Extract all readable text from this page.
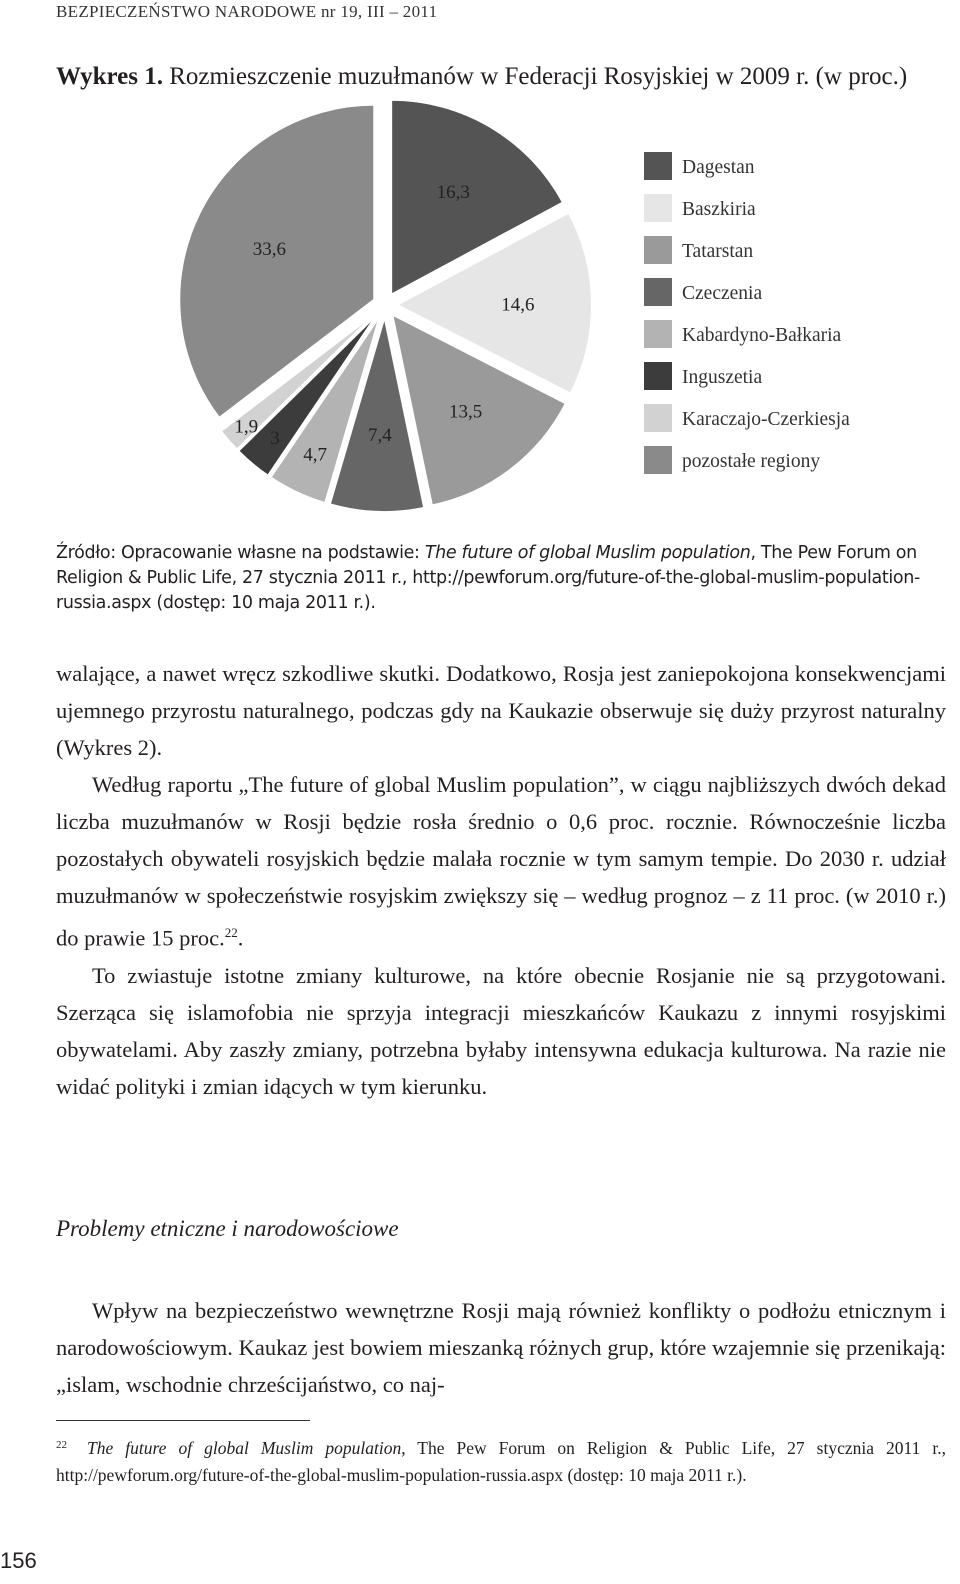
BEZPIECZEŃSTWO NARODOWE nr 19, III – 2011
Wykres 1. Rozmieszczenie muzułmanów w Federacji Rosyjskiej w 2009 r. (w proc.)
16,3
14,6
13,5
7,4
4,7
3
1,9
33,6
Dagestan
Baszkiria
Tatarstan
Czeczenia
Kabardyno-Bałkaria
Inguszetia
Karaczajo-Czerkiesja
pozostałe regiony
Źródło: Opracowanie własne na podstawie: The future of global Muslim population, The Pew Forum on Religion & Public Life, 27 stycznia 2011 r., http://pewforum.org/future-of-the-global-muslim-population-russia.aspx (dostęp: 10 maja 2011 r.).

walające, a nawet wręcz szkodliwe skutki. Dodatkowo, Rosja jest zaniepokojona konsekwencjami ujemnego przyrostu naturalnego, podczas gdy na Kaukazie obserwuje się duży przyrost naturalny (Wykres 2).

Według raportu „The future of global Muslim population”, w ciągu najbliższych dwóch dekad liczba muzułmanów w Rosji będzie rosła średnio o 0,6 proc. rocznie. Równocześnie liczba pozostałych obywateli rosyjskich będzie malała rocznie w tym samym tempie. Do 2030 r. udział muzułmanów w społeczeństwie rosyjskim zwiększy się – według prognoz – z 11 proc. (w 2010 r.) do prawie 15 proc.$^{22}$.

To zwiastuje istotne zmiany kulturowe, na które obecnie Rosjanie nie są przygotowani. Szerząca się islamofobia nie sprzyja integracji mieszkańców Kaukazu z innymi rosyjskimi obywatelami. Aby zaszły zmiany, potrzebna byłaby intensywna edukacja kulturowa. Na razie nie widać polityki i zmian idących w tym kierunku.

Problemy etniczne i narodowościowe

Wpływ na bezpieczeństwo wewnętrzne Rosji mają również konflikty o podłożu etnicznym i narodowościowym. Kaukaz jest bowiem mieszanką różnych grup, które wzajemnie się przenikają: „islam, wschodnie chrześcijaństwo, co naj-

$^{22}$ The future of global Muslim population, The Pew Forum on Religion & Public Life, 27 stycznia 2011 r., http://pewforum.org/future-of-the-global-muslim-population-russia.aspx (dostęp: 10 maja 2011 r.).
156
